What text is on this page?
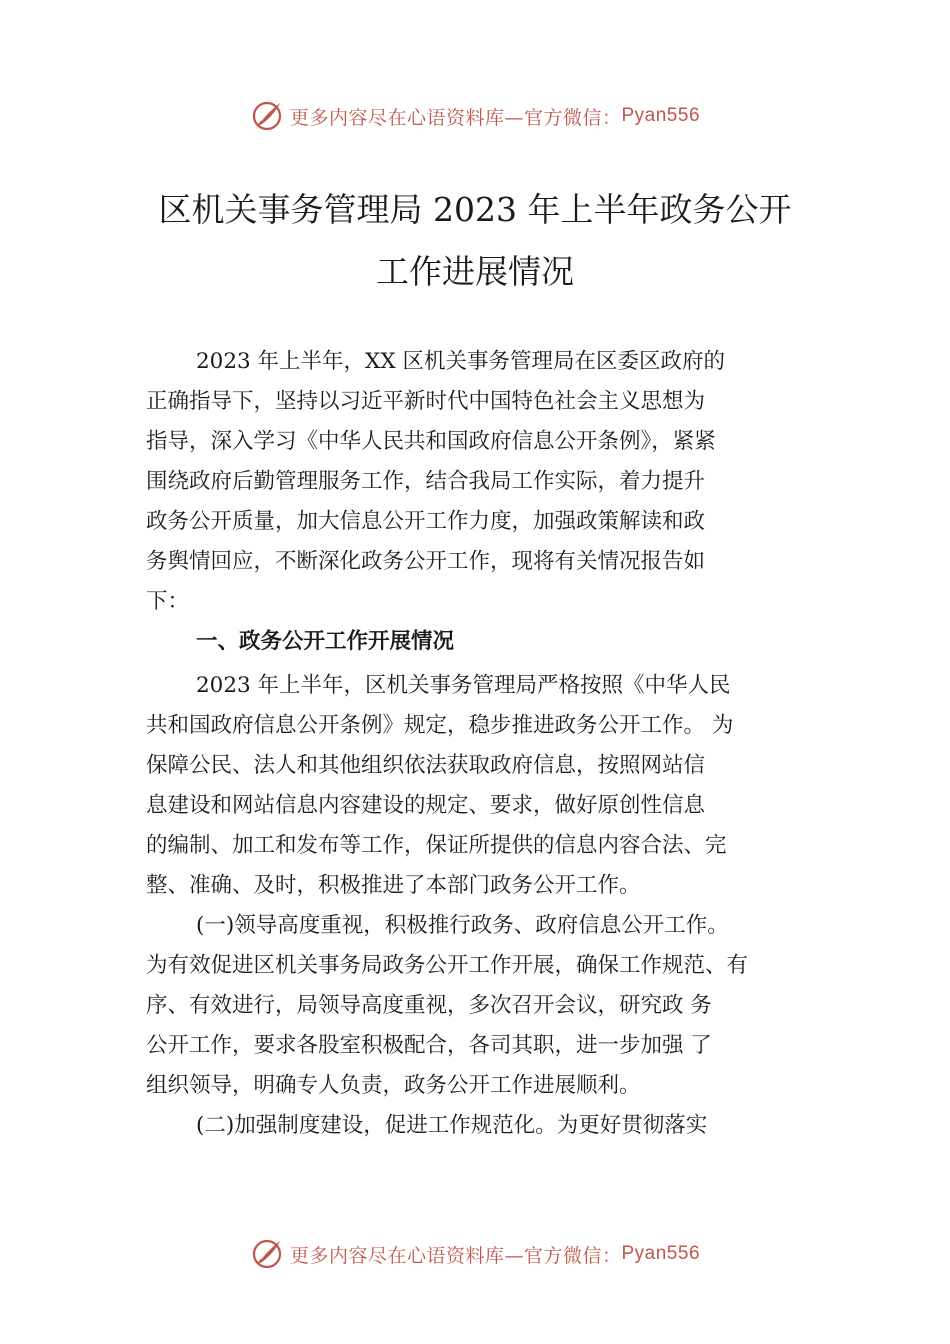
更多内容尽在心语资料库—官方微信： Pyan556
区机关事务管理局 2023 年上半年政务公开
工作进展情况
2023 年上半年，XX 区机关事务管理局在区委区政府的
正确指导下，坚持以习近平新时代中国特色社会主义思想为
指导，深入学习《中华人民共和国政府信息公开条例》，紧紧
围绕政府后勤管理服务工作，结合我局工作实际，着力提升
政务公开质量，加大信息公开工作力度，加强政策解读和政
务舆情回应，不断深化政务公开工作，现将有关情况报告如
下：
一、政务公开工作开展情况
2023 年上半年，区机关事务管理局严格按照《中华人民
共和国政府信息公开条例》规定，稳步推进政务公开工作。 为
保障公民、法人和其他组织依法获取政府信息，按照网站信
息建设和网站信息内容建设的规定、要求，做好原创性信息
的编制、加工和发布等工作，保证所提供的信息内容合法、完
整、准确、及时，积极推进了本部门政务公开工作。
(一)领导高度重视，积极推行政务、政府信息公开工作。
为有效促进区机关事务局政务公开工作开展，确保工作规范、有
序、有效进行，局领导高度重视，多次召开会议，研究政 务
公开工作，要求各股室积极配合，各司其职，进一步加强 了
组织领导，明确专人负责，政务公开工作进展顺利。
(二)加强制度建设，促进工作规范化。为更好贯彻落实
更多内容尽在心语资料库—官方微信： Pyan556
